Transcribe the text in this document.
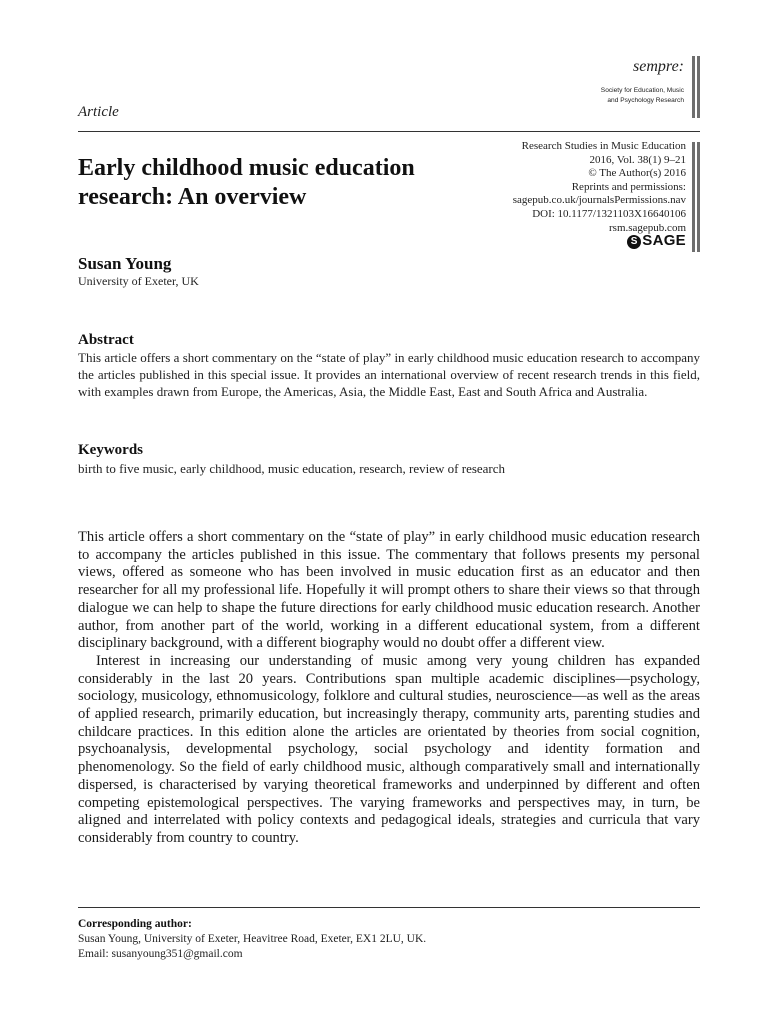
sempre:
Society for Education, Music
and Psychology Research
Article
Early childhood music education research: An overview
Research Studies in Music Education
2016, Vol. 38(1) 9–21
© The Author(s) 2016
Reprints and permissions:
sagepub.co.uk/journalsPermissions.nav
DOI: 10.1177/1321103X16640106
rsm.sagepub.com
S SAGE
Susan Young
University of Exeter, UK
Abstract

This article offers a short commentary on the “state of play” in early childhood music education research to accompany the articles published in this special issue. It provides an international overview of recent research trends in this field, with examples drawn from Europe, the Americas, Asia, the Middle East, East and South Africa and Australia.

Keywords
birth to five music, early childhood, music education, research, review of research

This article offers a short commentary on the “state of play” in early childhood music education research to accompany the articles published in this issue. The commentary that follows presents my personal views, offered as someone who has been involved in music education first as an educator and then researcher for all my professional life. Hopefully it will prompt others to share their views so that through dialogue we can help to shape the future directions for early childhood music education research. Another author, from another part of the world, working in a different educational system, from a different disciplinary background, with a different biography would no doubt offer a different view.

Interest in increasing our understanding of music among very young children has expanded considerably in the last 20 years. Contributions span multiple academic disciplines—psychology, sociology, musicology, ethnomusicology, folklore and cultural studies, neuroscience—as well as the areas of applied research, primarily education, but increasingly therapy, community arts, parenting studies and childcare practices. In this edition alone the articles are orientated by theories from social cognition, psychoanalysis, developmental psychology, social psychology and identity formation and phenomenology. So the field of early childhood music, although comparatively small and internationally dispersed, is characterised by varying theoretical frameworks and underpinned by different and often competing epistemological perspectives. The varying frameworks and perspectives may, in turn, be aligned and interrelated with policy contexts and pedagogical ideals, strategies and curricula that vary considerably from country to country.

Corresponding author:
Susan Young, University of Exeter, Heavitree Road, Exeter, EX1 2LU, UK.
Email: susanyoung351@gmail.com
